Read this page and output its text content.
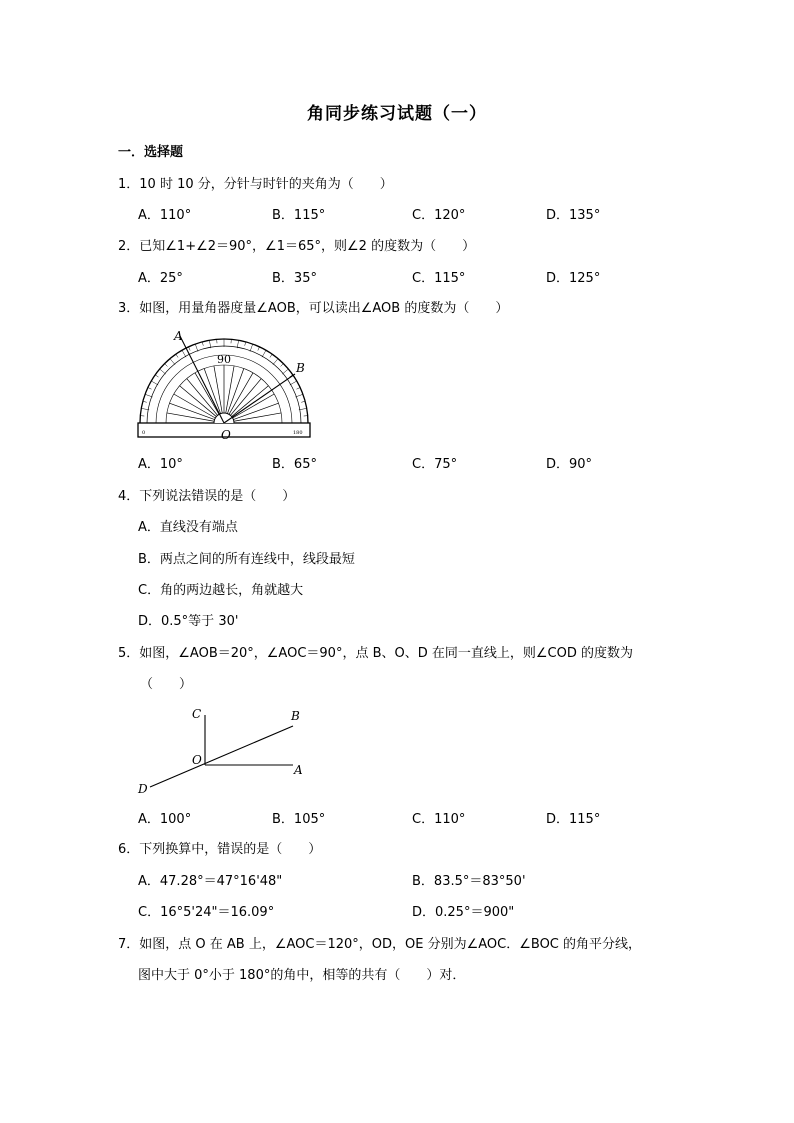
角同步练习试题（一）
一．选择题
1．10 时 10 分，分针与时针的夹角为（　　）
A．110°	B．115°	C．120°	D．135°
2．已知∠1+∠2＝90°，∠1＝65°，则∠2 的度数为（　　）
A．25°	B．35°	C．115°	D．125°
3．如图，用量角器度量∠AOB，可以读出∠AOB 的度数为（　　）
A
B
O
90
0	180
A．10°	B．65°	C．75°	D．90°
4．下列说法错误的是（　　）
A．直线没有端点
B．两点之间的所有连线中，线段最短
C．角的两边越长，角就越大
D．0.5°等于 30'
5．如图，∠AOB＝20°，∠AOC＝90°，点 B、O、D 在同一直线上，则∠COD 的度数为
（　　）
C	B
O
A
D
A．100°	B．105°	C．110°	D．115°
6．下列换算中，错误的是（　　）
A．47.28°＝47°16'48"	B．83.5°＝83°50'
C．16°5'24"＝16.09°	D．0.25°＝900"
7．如图，点 O 在 AB 上，∠AOC＝120°，OD，OE 分别为∠AOC．∠BOC 的角平分线，
图中大于 0°小于 180°的角中，相等的共有（　　）对．
